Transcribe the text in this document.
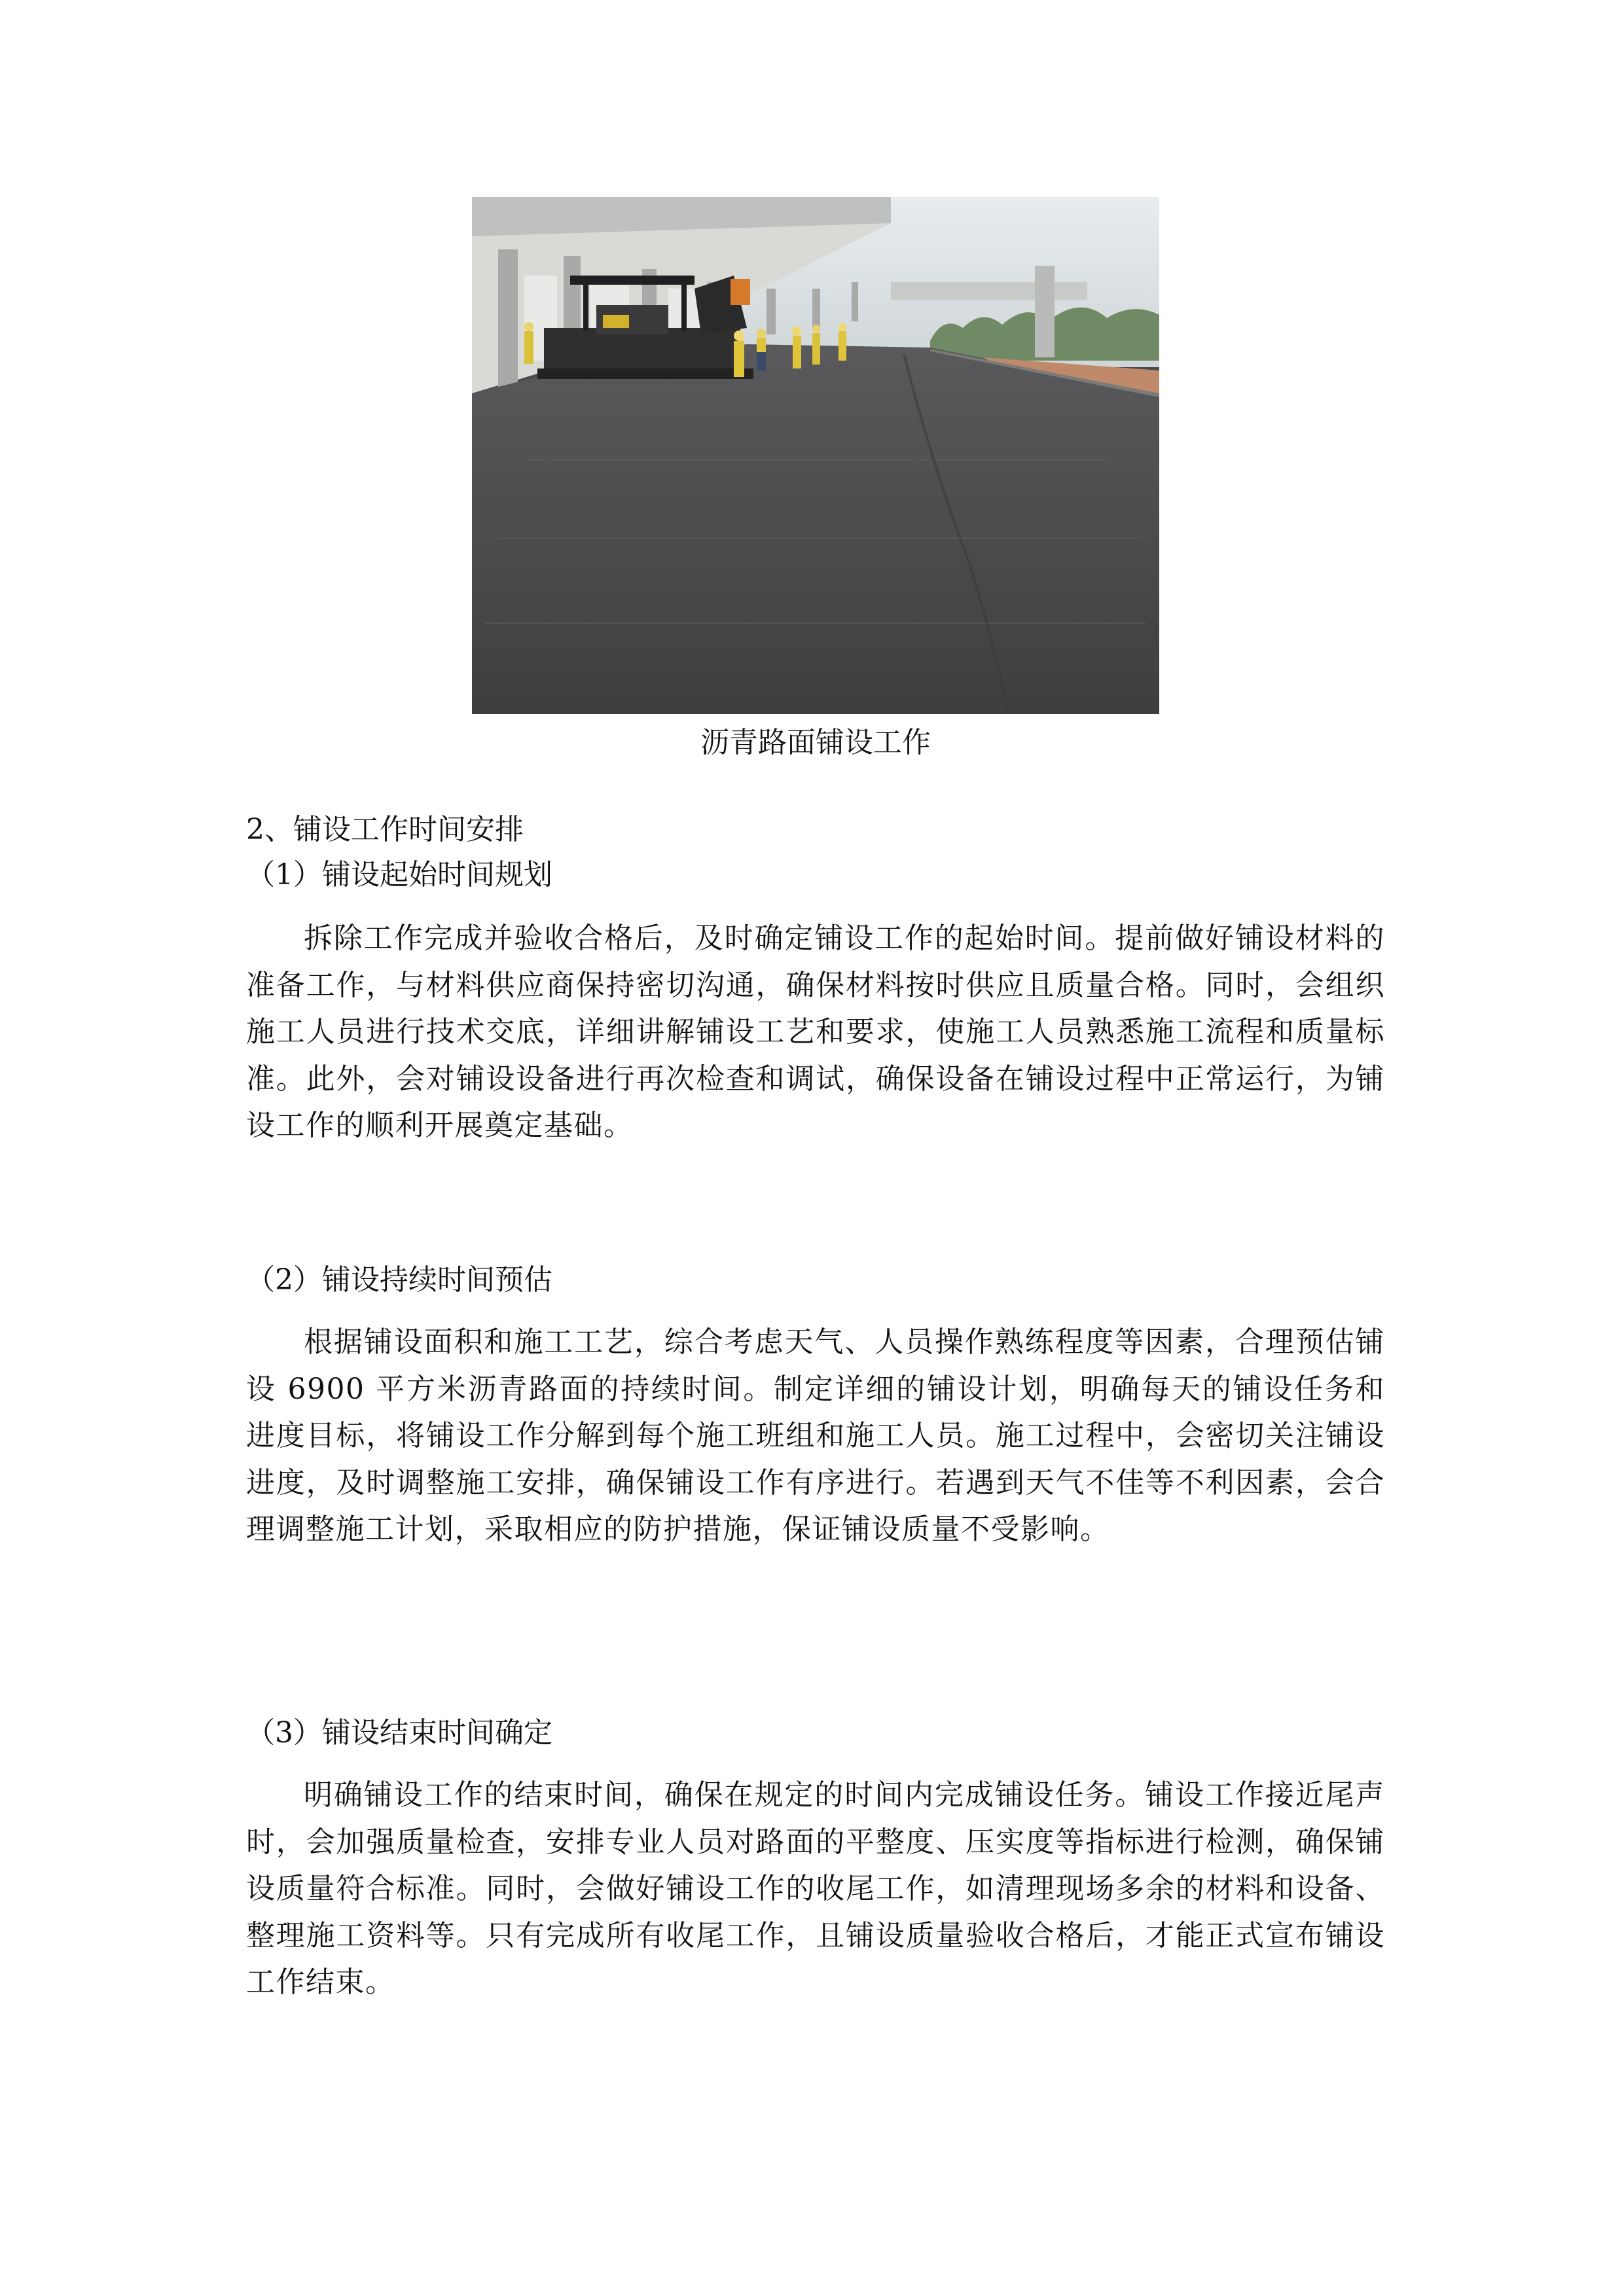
沥青路面铺设工作
2、铺设工作时间安排
（1）铺设起始时间规划
拆除工作完成并验收合格后，及时确定铺设工作的起始时间。提前做好铺设材料的准备工作，与材料供应商保持密切沟通，确保材料按时供应且质量合格。同时，会组织施工人员进行技术交底，详细讲解铺设工艺和要求，使施工人员熟悉施工流程和质量标准。此外，会对铺设设备进行再次检查和调试，确保设备在铺设过程中正常运行，为铺设工作的顺利开展奠定基础。
（2）铺设持续时间预估
根据铺设面积和施工工艺，综合考虑天气、人员操作熟练程度等因素，合理预估铺设 6900 平方米沥青路面的持续时间。制定详细的铺设计划，明确每天的铺设任务和进度目标，将铺设工作分解到每个施工班组和施工人员。施工过程中，会密切关注铺设进度，及时调整施工安排，确保铺设工作有序进行。若遇到天气不佳等不利因素，会合理调整施工计划，采取相应的防护措施，保证铺设质量不受影响。
（3）铺设结束时间确定
明确铺设工作的结束时间，确保在规定的时间内完成铺设任务。铺设工作接近尾声时，会加强质量检查，安排专业人员对路面的平整度、压实度等指标进行检测，确保铺设质量符合标准。同时，会做好铺设工作的收尾工作，如清理现场多余的材料和设备、整理施工资料等。只有完成所有收尾工作，且铺设质量验收合格后，才能正式宣布铺设工作结束。
